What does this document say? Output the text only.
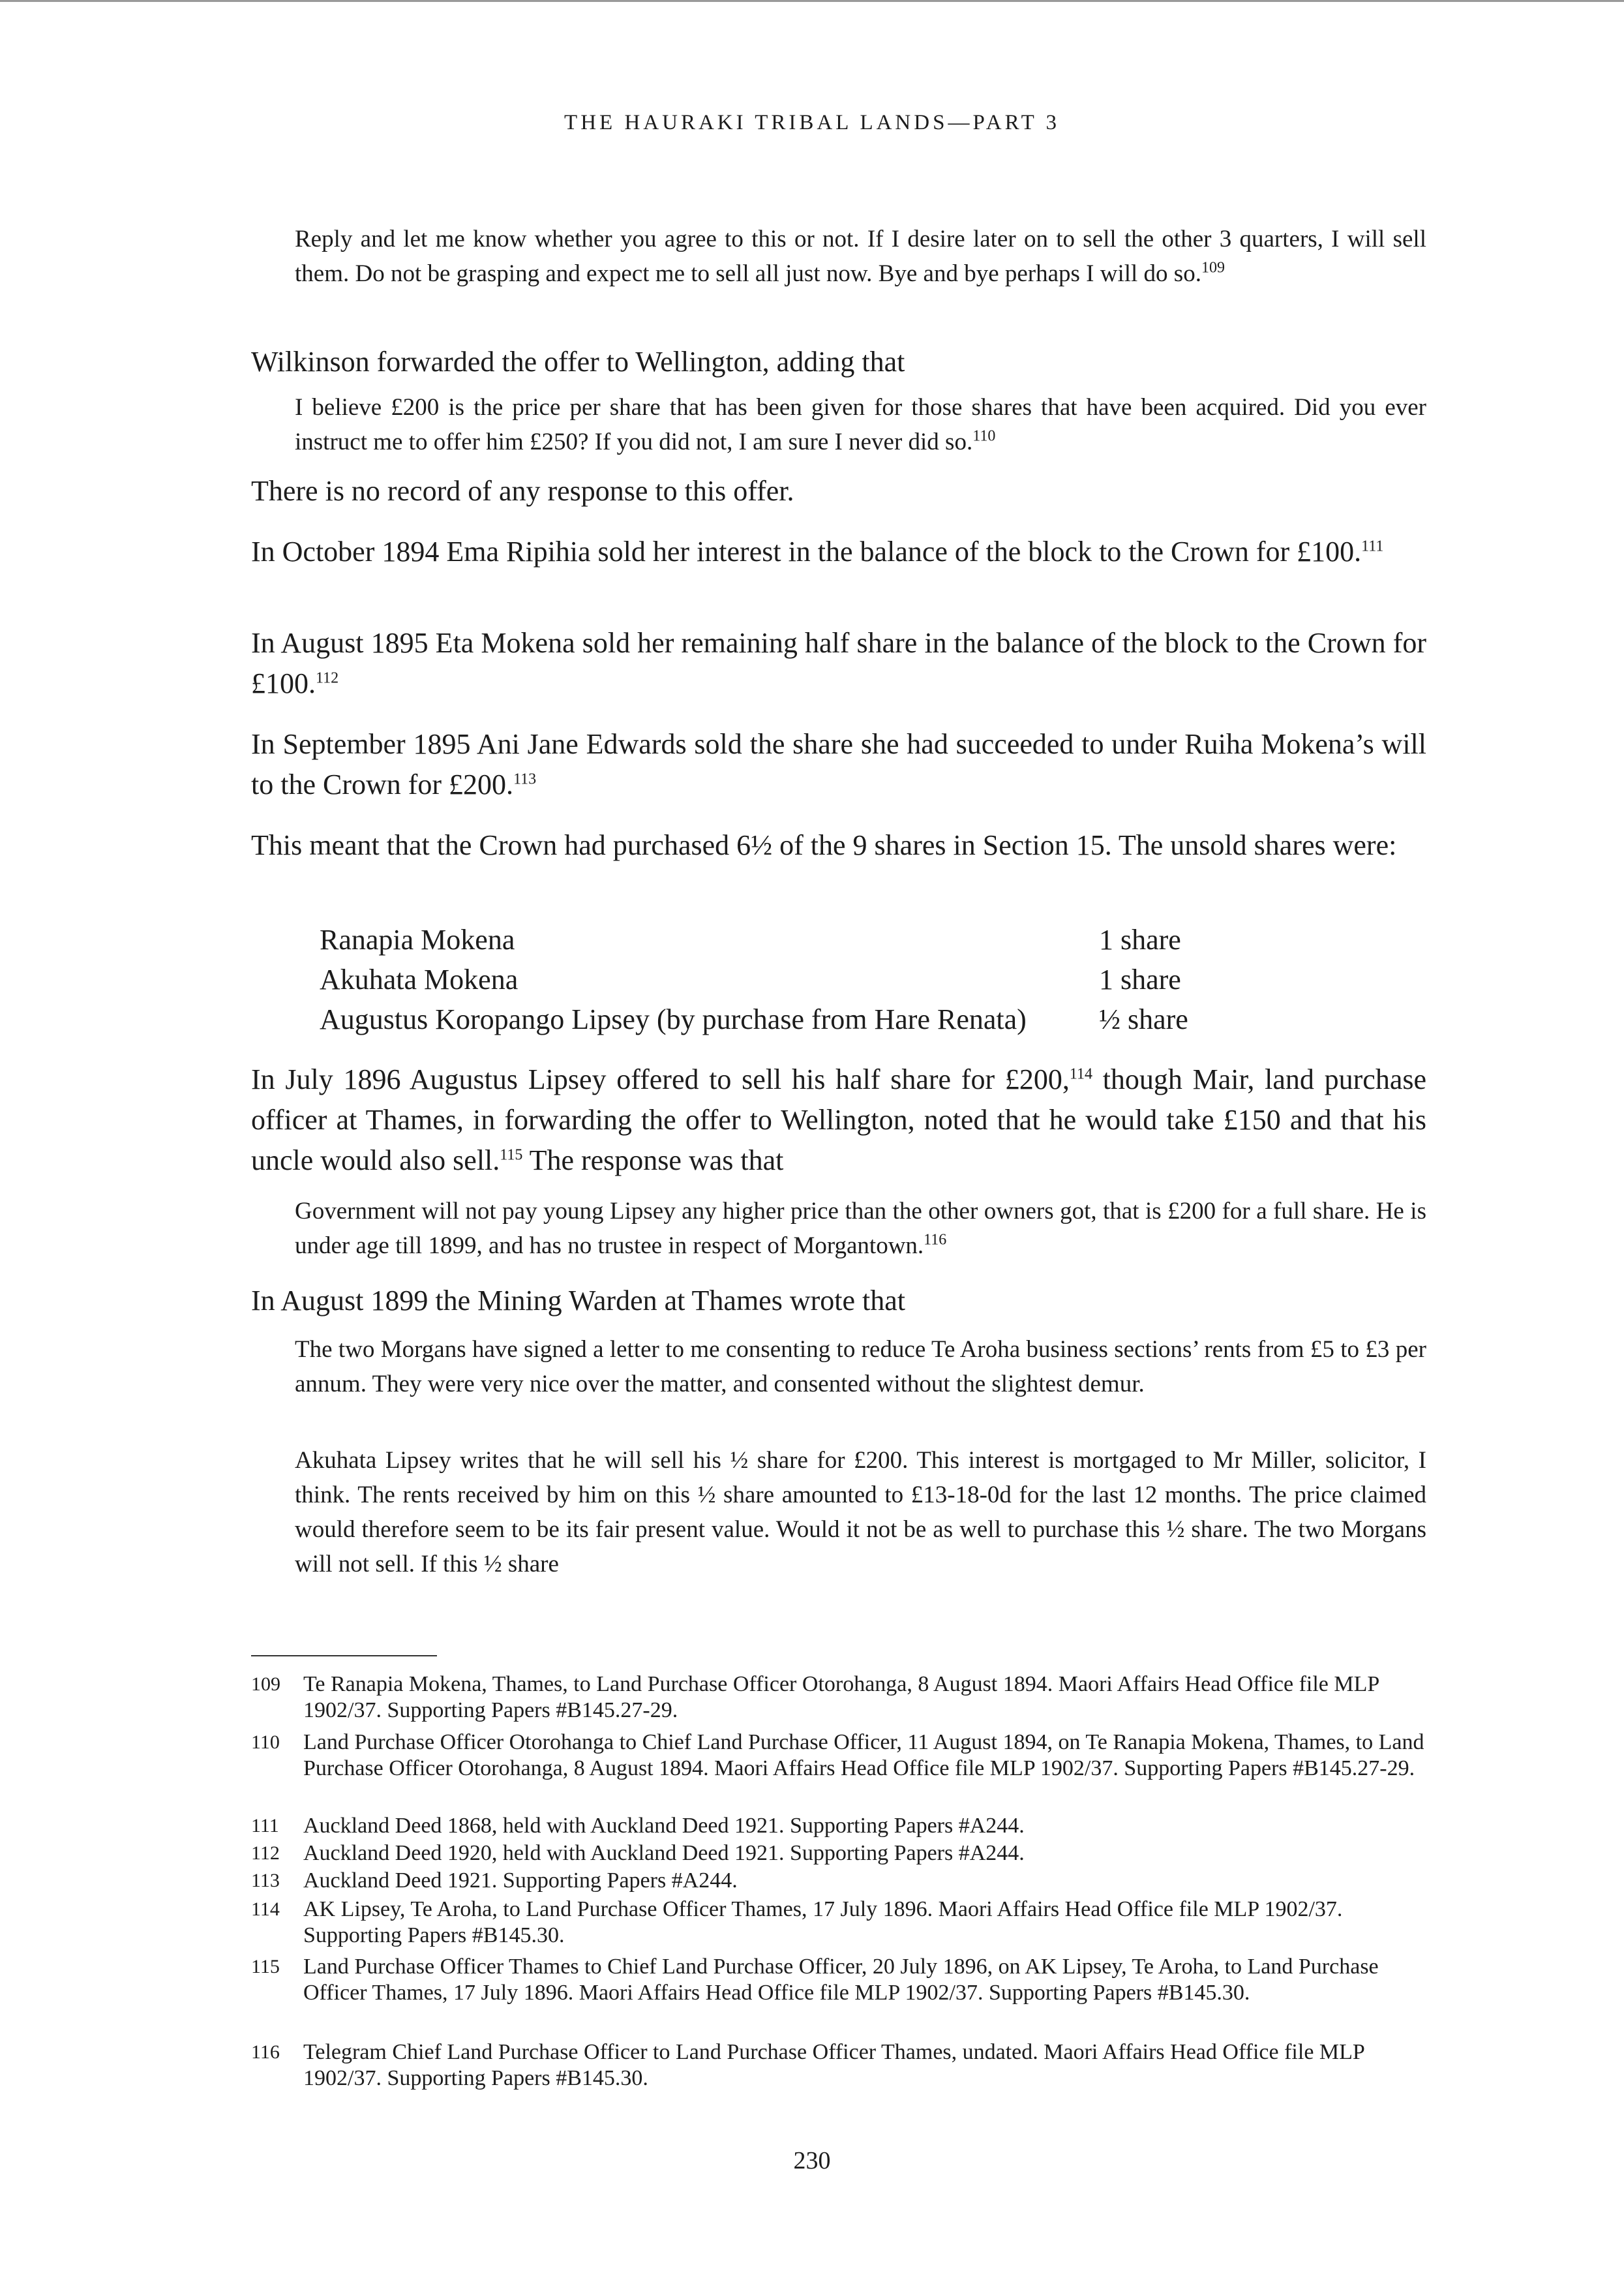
THE HAURAKI TRIBAL LANDS—PART 3

Reply and let me know whether you agree to this or not. If I desire later on to sell the other 3 quarters, I will sell them. Do not be grasping and expect me to sell all just now. Bye and bye perhaps I will do so.$^{109}$

Wilkinson forwarded the offer to Wellington, adding that

I believe £200 is the price per share that has been given for those shares that have been acquired. Did you ever instruct me to offer him £250? If you did not, I am sure I never did so.$^{110}$

There is no record of any response to this offer.

In October 1894 Ema Ripihia sold her interest in the balance of the block to the Crown for £100.$^{111}$

In August 1895 Eta Mokena sold her remaining half share in the balance of the block to the Crown for £100.$^{112}$

In September 1895 Ani Jane Edwards sold the share she had succeeded to under Ruiha Mokena’s will to the Crown for £200.$^{113}$

This meant that the Crown had purchased 6½ of the 9 shares in Section 15. The unsold shares were:

Ranapia Mokena	1 share
Akuhata Mokena	1 share
Augustus Koropango Lipsey (by purchase from Hare Renata)	½ share

In July 1896 Augustus Lipsey offered to sell his half share for £200,$^{114}$ though Mair, land purchase officer at Thames, in forwarding the offer to Wellington, noted that he would take £150 and that his uncle would also sell.$^{115}$ The response was that

Government will not pay young Lipsey any higher price than the other owners got, that is £200 for a full share. He is under age till 1899, and has no trustee in respect of Morgantown.$^{116}$

In August 1899 the Mining Warden at Thames wrote that

The two Morgans have signed a letter to me consenting to reduce Te Aroha business sections’ rents from £5 to £3 per annum. They were very nice over the matter, and consented without the slightest demur.

Akuhata Lipsey writes that he will sell his ½ share for £200. This interest is mortgaged to Mr Miller, solicitor, I think. The rents received by him on this ½ share amounted to £13-18-0d for the last 12 months. The price claimed would therefore seem to be its fair present value. Would it not be as well to purchase this ½ share. The two Morgans will not sell. If this ½ share

109 Te Ranapia Mokena, Thames, to Land Purchase Officer Otorohanga, 8 August 1894. Maori Affairs Head Office file MLP 1902/37. Supporting Papers #B145.27-29.
110 Land Purchase Officer Otorohanga to Chief Land Purchase Officer, 11 August 1894, on Te Ranapia Mokena, Thames, to Land Purchase Officer Otorohanga, 8 August 1894. Maori Affairs Head Office file MLP 1902/37. Supporting Papers #B145.27-29.
111 Auckland Deed 1868, held with Auckland Deed 1921. Supporting Papers #A244.
112 Auckland Deed 1920, held with Auckland Deed 1921. Supporting Papers #A244.
113 Auckland Deed 1921. Supporting Papers #A244.
114 AK Lipsey, Te Aroha, to Land Purchase Officer Thames, 17 July 1896. Maori Affairs Head Office file MLP 1902/37. Supporting Papers #B145.30.
115 Land Purchase Officer Thames to Chief Land Purchase Officer, 20 July 1896, on AK Lipsey, Te Aroha, to Land Purchase Officer Thames, 17 July 1896. Maori Affairs Head Office file MLP 1902/37. Supporting Papers #B145.30.
116 Telegram Chief Land Purchase Officer to Land Purchase Officer Thames, undated. Maori Affairs Head Office file MLP 1902/37. Supporting Papers #B145.30.
230
